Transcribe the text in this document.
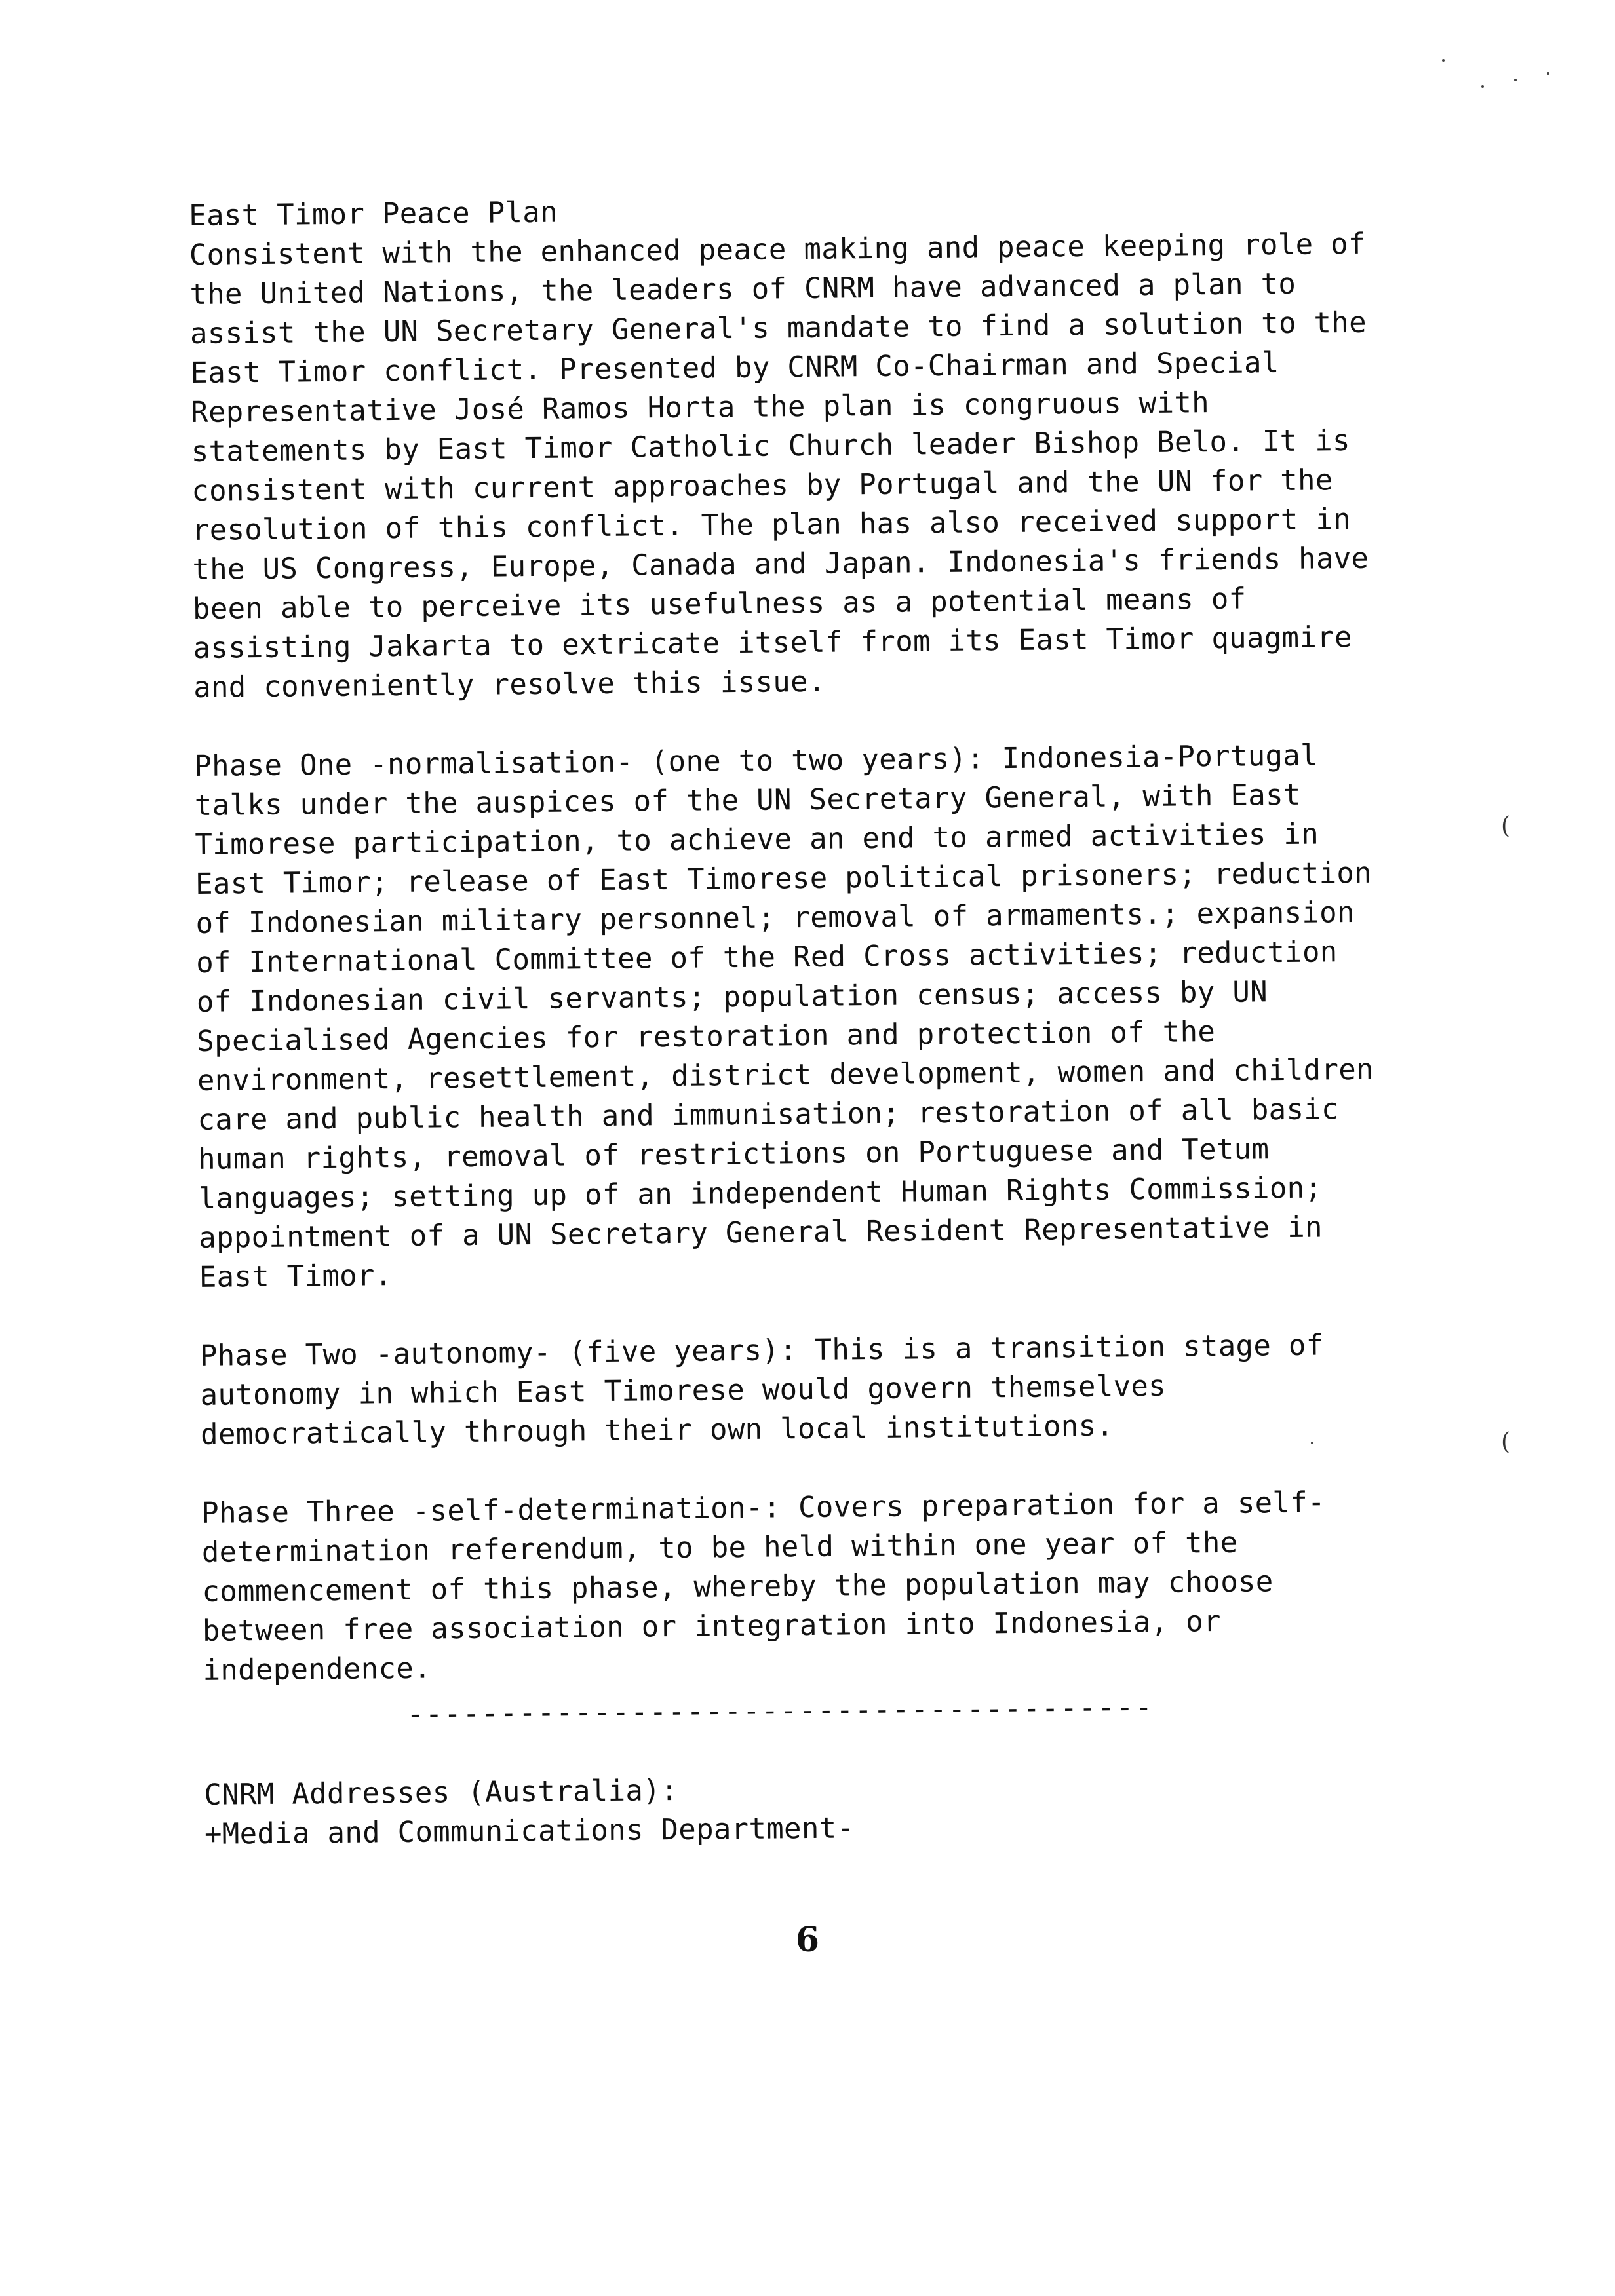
East Timor Peace Plan

Consistent with the enhanced peace making and peace keeping role of the United Nations, the leaders of CNRM have advanced a plan to assist the UN Secretary General's mandate to find a solution to the East Timor conflict. Presented by CNRM Co-Chairman and Special Representative José Ramos Horta the plan is congruous with statements by East Timor Catholic Church leader Bishop Belo. It is consistent with current approaches by Portugal and the UN for the resolution of this conflict. The plan has also received support in the US Congress, Europe, Canada and Japan. Indonesia's friends have been able to perceive its usefulness as a potential means of assisting Jakarta to extricate itself from its East Timor quagmire and conveniently resolve this issue.

Phase One -normalisation- (one to two years): Indonesia-Portugal talks under the auspices of the UN Secretary General, with East Timorese participation, to achieve an end to armed activities in East Timor; release of East Timorese political prisoners; reduction of Indonesian military personnel; removal of armaments.; expansion of International Committee of the Red Cross activities; reduction of Indonesian civil servants; population census; access by UN Specialised Agencies for restoration and protection of the environment, resettlement, district development, women and children care and public health and immunisation; restoration of all basic human rights, removal of restrictions on Portuguese and Tetum languages; setting up of an independent Human Rights Commission; appointment of a UN Secretary General Resident Representative in East Timor.

Phase Two -autonomy- (five years): This is a transition stage of autonomy in which East Timorese would govern themselves democratically through their own local institutions.

Phase Three -self-determination-: Covers preparation for a self-determination referendum, to be held within one year of the commencement of this phase, whereby the population may choose between free association or integration into Indonesia, or independence.

----------------------------------------

CNRM Addresses (Australia):

+Media and Communications Department-

6
(
(
